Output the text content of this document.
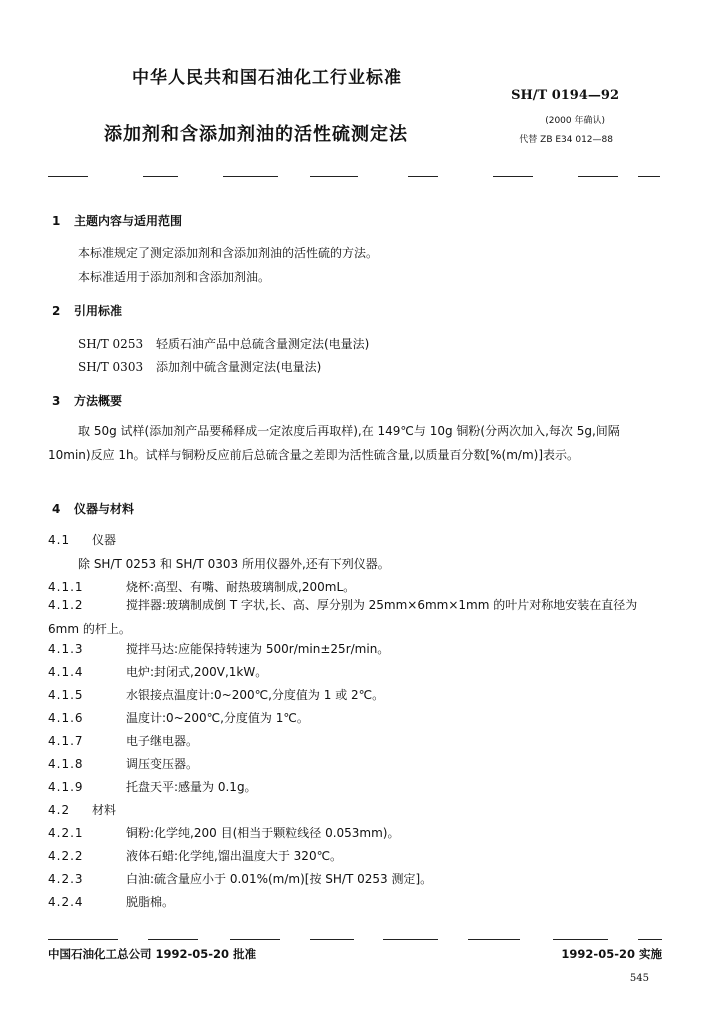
中华人民共和国石油化工行业标准
SH/T 0194—92
(2000 年确认)
添加剂和含添加剂油的活性硫测定法	代替 ZB E34 012—88
1 主题内容与适用范围
本标准规定了测定添加剂和含添加剂油的活性硫的方法。
本标准适用于添加剂和含添加剂油。
2 引用标准
SH/T 0253 轻质石油产品中总硫含量测定法(电量法)
SH/T 0303 添加剂中硫含量测定法(电量法)
3 方法概要
取 50g 试样(添加剂产品要稀释成一定浓度后再取样),在 149℃与 10g 铜粉(分两次加入,每次 5g,间隔 10min)反应 1h。试样与铜粉反应前后总硫含量之差即为活性硫含量,以质量百分数[%(m/m)]表示。
4 仪器与材料
4.1 仪器
除 SH/T 0253 和 SH/T 0303 所用仪器外,还有下列仪器。
4.1.1	烧杯:高型、有嘴、耐热玻璃制成,200mL。
4.1.2	搅拌器:玻璃制成倒 T 字状,长、高、厚分别为 25mm×6mm×1mm 的叶片对称地安装在直径为 6mm 的杆上。
4.1.3	搅拌马达:应能保持转速为 500r/min±25r/min。
4.1.4	电炉:封闭式,200V,1kW。
4.1.5	水银接点温度计:0~200℃,分度值为 1 或 2℃。
4.1.6	温度计:0~200℃,分度值为 1℃。
4.1.7	电子继电器。
4.1.8	调压变压器。
4.1.9	托盘天平:感量为 0.1g。
4.2 材料
4.2.1	铜粉:化学纯,200 目(相当于颗粒线径 0.053mm)。
4.2.2	液体石蜡:化学纯,馏出温度大于 320℃。
4.2.3	白油:硫含量应小于 0.01%(m/m)[按 SH/T 0253 测定]。
4.2.4	脱脂棉。
中国石油化工总公司 1992-05-20 批准	1992-05-20 实施
545
